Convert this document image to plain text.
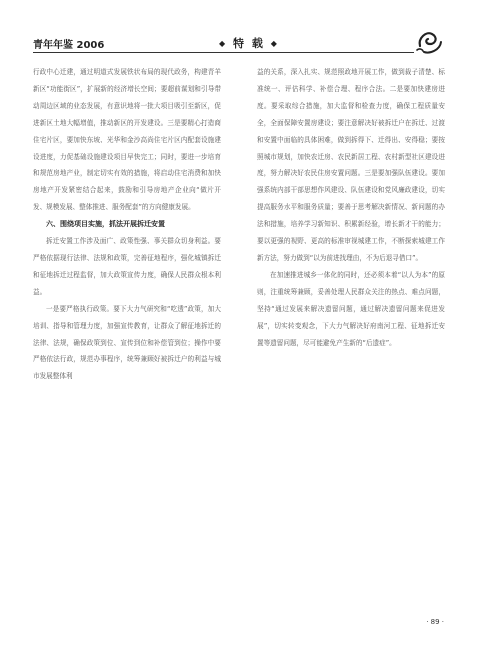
青年年鉴 2006	◆ 特 载 ◆

行政中心迁建，通过明道式发展铁状布局的现代政务，构建青羊新区“功能街区”，扩展新的经济增长空间；要超前谋划和引导带动周边区域的业态发展，有意识地将一批大项目吸引至新区，促进新区土地大幅增值，推动新区的开发建设。三是要精心打造商住宅片区，要加快东坡、光华和金沙高尚住宅片区内配套设施建设进度，力促基础设施建设项目早快完工；同时，要进一步培育和规范房地产业，制定切实有效的措施，将启动住宅消费和加快房地产开发紧密结合起来，鼓励和引导房地产企业向“做片开发、规模发展、整体推进、服务配套”的方向健康发展。

六、围绕项目实施，抓法开展拆迁安置

拆迁安置工作涉及面广、政策性强、事关群众切身利益。要严格依据现行法律、法规和政策，完善征地程序，强化城镇拆迁和征地拆迁过程监督，加大政策宣传力度，确保人民群众根本利益。

一是要严格执行政策。要下大力气研究和“吃透”政策，加大培训、指导和管理力度，加强宣传教育，让群众了解征地拆迁的法律、法规，确保政策到位、宣传到位和补偿管到位；操作中要严格依法行政，规范办事程序，统筹兼顾好被拆迁户的利益与城市发展整体利

益的关系，深入扎实、规范照政地开展工作，做到裁子清楚、标准统一、评估科学、补偿合理、程序合法。二是要加快建房进度。要采取综合措施，加大监督和检查力度，确保工程质量安全，全面保障安置房建设；要注意解决好被拆迁户在拆迁、过渡和安置中面临的具体困难，做到拆得下、迁得出、安得稳；要按照城市规划，加快农迁房、农民新居工程、农村新型社区建设进度，努力解决好农民住房安置问题。三是要加强队伍建设。要加强系统内部干部思想作风建设、队伍建设和党风廉政建设，切实提高服务水平和服务质量；要善于思考解决新情况、新问题的办法和措施，培养学习新知识、积累新经验，增长新才干的能力；要以更强的视野、更高的标准审视城建工作，不断探索城建工作新方法，努力做到“以为前进找理由，不为后退寻借口”。

在加速推进城乡一体化的同时，还必须本着“以人为本”的原则，注重统筹兼顾，妥善处理人民群众关注的热点、难点问题，坚持“通过发展来解决遗留问题，通过解决遗留问题来促进发展”，切实转变观念，下大力气解决好府南河工程、征地拆迁安置等遗留问题，尽可能避免产生新的“后遗症”。

· 89 ·
